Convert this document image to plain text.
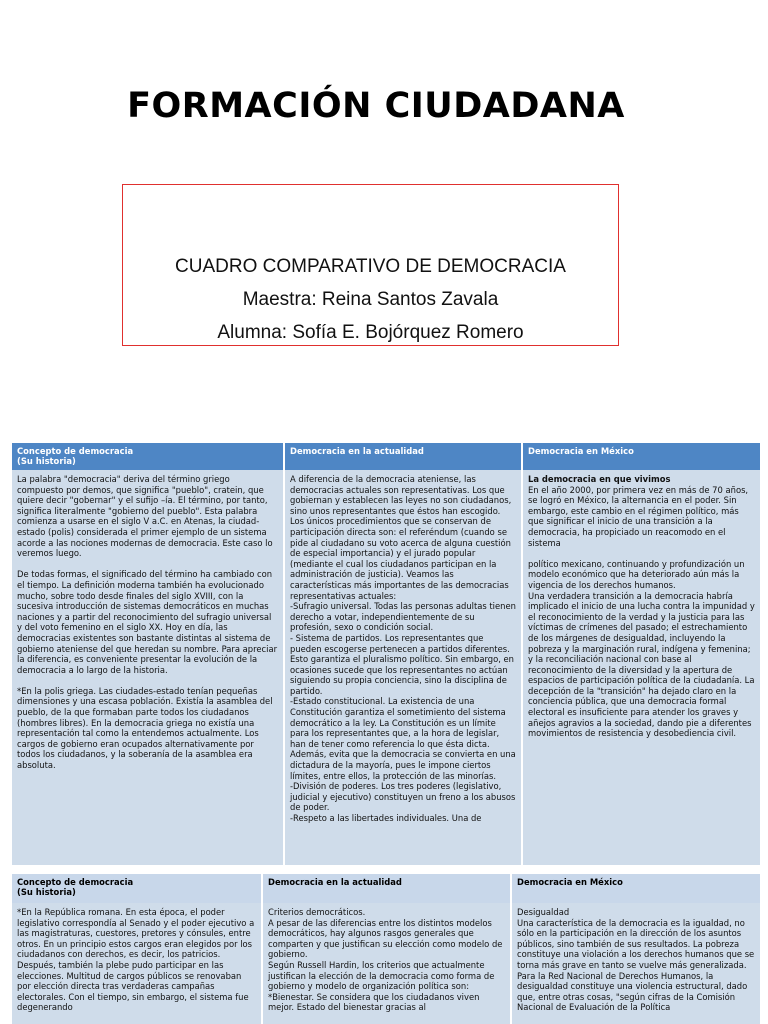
FORMACIÓN CIUDADANA
CUADRO COMPARATIVO DE DEMOCRACIA
Maestra: Reina Santos Zavala
Alumna: Sofía E. Bojórquez Romero
Concepto de democracia
(Su historia)
Democracia en la actualidad	Democracia en México
La palabra "democracia" deriva del término griego compuesto por demos, que significa "pueblo", cratein, que quiere decir "gobernar" y el sufijo –ía. El término, por tanto, significa literalmente "gobierno del pueblo". Esta palabra comienza a usarse en el siglo V a.C. en Atenas, la ciudad-estado (polis) considerada el primer ejemplo de un sistema acorde a las nociones modernas de democracia. Este caso lo veremos luego.

De todas formas, el significado del término ha cambiado con el tiempo. La definición moderna también ha evolucionado mucho, sobre todo desde finales del siglo XVIII, con la sucesiva introducción de sistemas democráticos en muchas naciones y a partir del reconocimiento del sufragio universal y del voto femenino en el siglo XX. Hoy en día, las democracias existentes son bastante distintas al sistema de gobierno ateniense del que heredan su nombre. Para apreciar la diferencia, es conveniente presentar la evolución de la democracia a lo largo de la historia.

*En la polis griega. Las ciudades-estado tenían pequeñas dimensiones y una escasa población. Existía la asamblea del pueblo, de la que formaban parte todos los ciudadanos (hombres libres). En la democracia griega no existía una representación tal como la entendemos actualmente. Los cargos de gobierno eran ocupados alternativamente por todos los ciudadanos, y la soberanía de la asamblea era absoluta.
A diferencia de la democracia ateniense, las democracias actuales son representativas. Los que gobiernan y establecen las leyes no son ciudadanos, sino unos representantes que éstos han escogido. Los únicos procedimientos que se conservan de participación directa son: el referéndum (cuando se pide al ciudadano su voto acerca de alguna cuestión de especial importancia) y el jurado popular (mediante el cual los ciudadanos participan en la administración de justicia). Veamos las características más importantes de las democracias representativas actuales:
-Sufragio universal. Todas las personas adultas tienen derecho a votar, independientemente de su profesión, sexo o condición social.
- Sistema de partidos. Los representantes que pueden escogerse pertenecen a partidos diferentes. Esto garantiza el pluralismo político. Sin embargo, en ocasiones sucede que los representantes no actúan siguiendo su propia conciencia, sino la disciplina de partido.
-Estado constitucional. La existencia de una Constitución garantiza el sometimiento del sistema democrático a la ley. La Constitución es un límite para los representantes que, a la hora de legislar, han de tener como referencia lo que ésta dicta. Además, evita que la democracia se convierta en una dictadura de la mayoría, pues le impone ciertos límites, entre ellos, la protección de las minorías.
-División de poderes. Los tres poderes (legislativo, judicial y ejecutivo) constituyen un freno a los abusos de poder.
-Respeto a las libertades individuales. Una de
La democracia en que vivimos
En el año 2000, por primera vez en más de 70 años, se logró en México, la alternancia en el poder. Sin embargo, este cambio en el régimen político, más que significar el inicio de una transición a la democracia, ha propiciado un reacomodo en el sistema

político mexicano, continuando y profundización un modelo económico que ha deteriorado aún más la vigencia de los derechos humanos.
Una verdadera transición a la democracia habría implicado el inicio de una lucha contra la impunidad y el reconocimiento de la verdad y la justicia para las víctimas de crímenes del pasado; el estrechamiento de los márgenes de desigualdad, incluyendo la pobreza y la marginación rural, indígena y femenina; y la reconciliación nacional con base al reconocimiento de la diversidad y la apertura de espacios de participación política de la ciudadanía. La decepción de la "transición" ha dejado claro en la conciencia pública, que una democracia formal electoral es insuficiente para atender los graves y añejos agravios a la sociedad, dando pie a diferentes movimientos de resistencia y desobediencia civil.
Concepto de democracia
(Su historia)
Democracia en la actualidad	Democracia en México
*En la República romana. En esta época, el poder legislativo correspondía al Senado y el poder ejecutivo a las magistraturas, cuestores, pretores y cónsules, entre otros. En un principio estos cargos eran elegidos por los ciudadanos con derechos, es decir, los patricios. Después, también la plebe pudo participar en las elecciones. Multitud de cargos públicos se renovaban por elección directa tras verdaderas campañas electorales. Con el tiempo, sin embargo, el sistema fue degenerando
Criterios democráticos.
A pesar de las diferencias entre los distintos modelos democráticos, hay algunos rasgos generales que comparten y que justifican su elección como modelo de gobierno.
Según Russell Hardin, los criterios que actualmente justifican la elección de la democracia como forma de gobierno y modelo de organización política son:
*Bienestar. Se considera que los ciudadanos viven mejor. Estado del bienestar gracias al
Desigualdad
Una característica de la democracia es la igualdad, no sólo en la participación en la dirección de los asuntos públicos, sino también de sus resultados. La pobreza constituye una violación a los derechos humanos que se torna más grave en tanto se vuelve más generalizada. Para la Red Nacional de Derechos Humanos, la desigualdad constituye una violencia estructural, dado que, entre otras cosas, "según cifras de la Comisión Nacional de Evaluación de la Política
